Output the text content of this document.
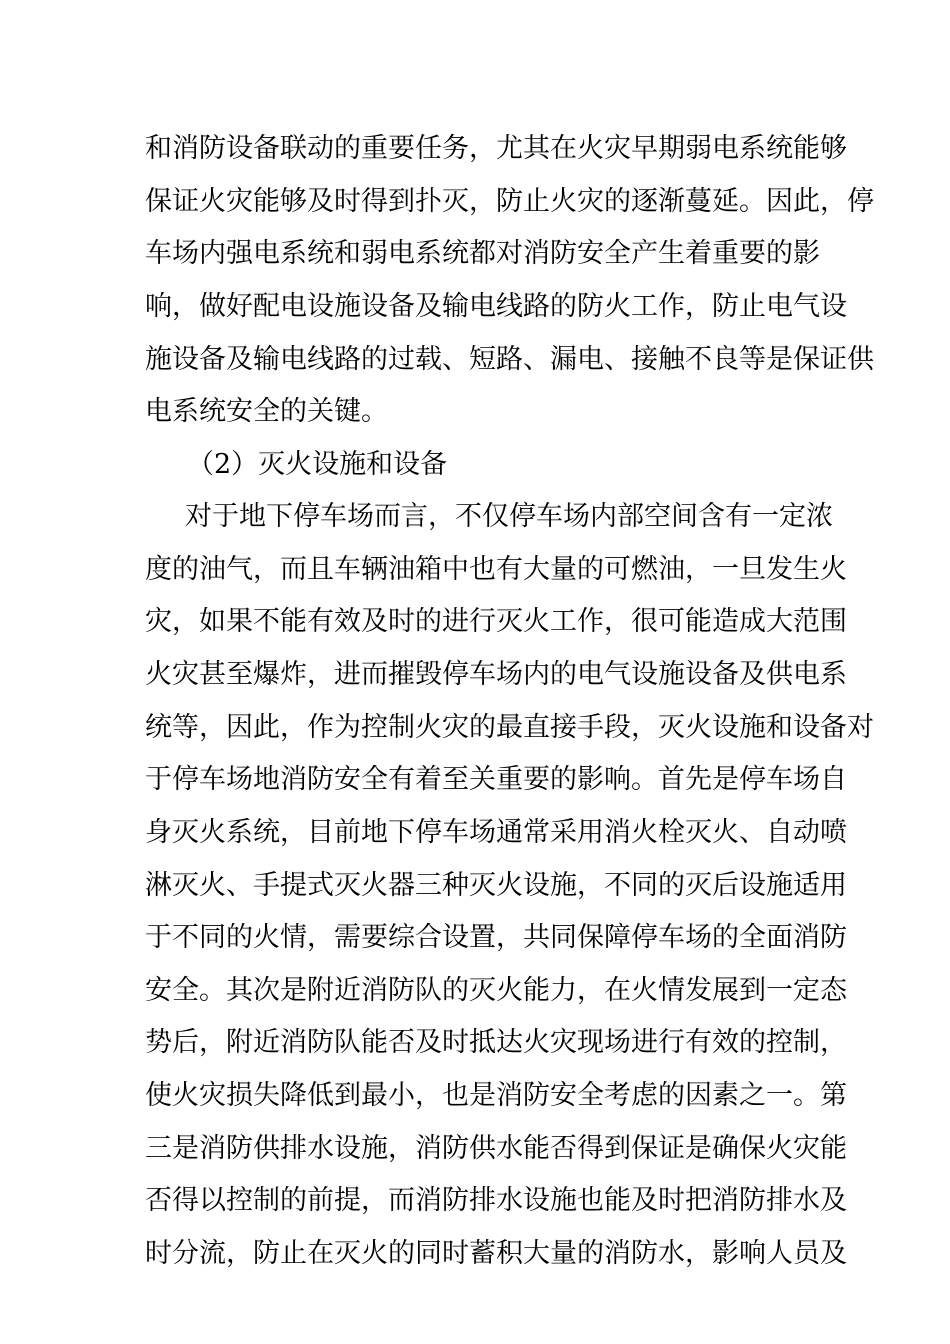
和消防设备联动的重要任务，尤其在火灾早期弱电系统能够
保证火灾能够及时得到扑灭，防止火灾的逐渐蔓延。因此，停
车场内强电系统和弱电系统都对消防安全产生着重要的影
响，做好配电设施设备及输电线路的防火工作，防止电气设
施设备及输电线路的过载、短路、漏电、接触不良等是保证供
电系统安全的关键。
（2）灭火设施和设备
对于地下停车场而言，不仅停车场内部空间含有一定浓
度的油气，而且车辆油箱中也有大量的可燃油，一旦发生火
灾，如果不能有效及时的进行灭火工作，很可能造成大范围
火灾甚至爆炸，进而摧毁停车场内的电气设施设备及供电系
统等，因此，作为控制火灾的最直接手段，灭火设施和设备对
于停车场地消防安全有着至关重要的影响。首先是停车场自
身灭火系统，目前地下停车场通常采用消火栓灭火、自动喷
淋灭火、手提式灭火器三种灭火设施，不同的灭后设施适用
于不同的火情，需要综合设置，共同保障停车场的全面消防
安全。其次是附近消防队的灭火能力，在火情发展到一定态
势后，附近消防队能否及时抵达火灾现场进行有效的控制，
使火灾损失降低到最小，也是消防安全考虑的因素之一。第
三是消防供排水设施，消防供水能否得到保证是确保火灾能
否得以控制的前提，而消防排水设施也能及时把消防排水及
时分流，防止在灭火的同时蓄积大量的消防水，影响人员及
